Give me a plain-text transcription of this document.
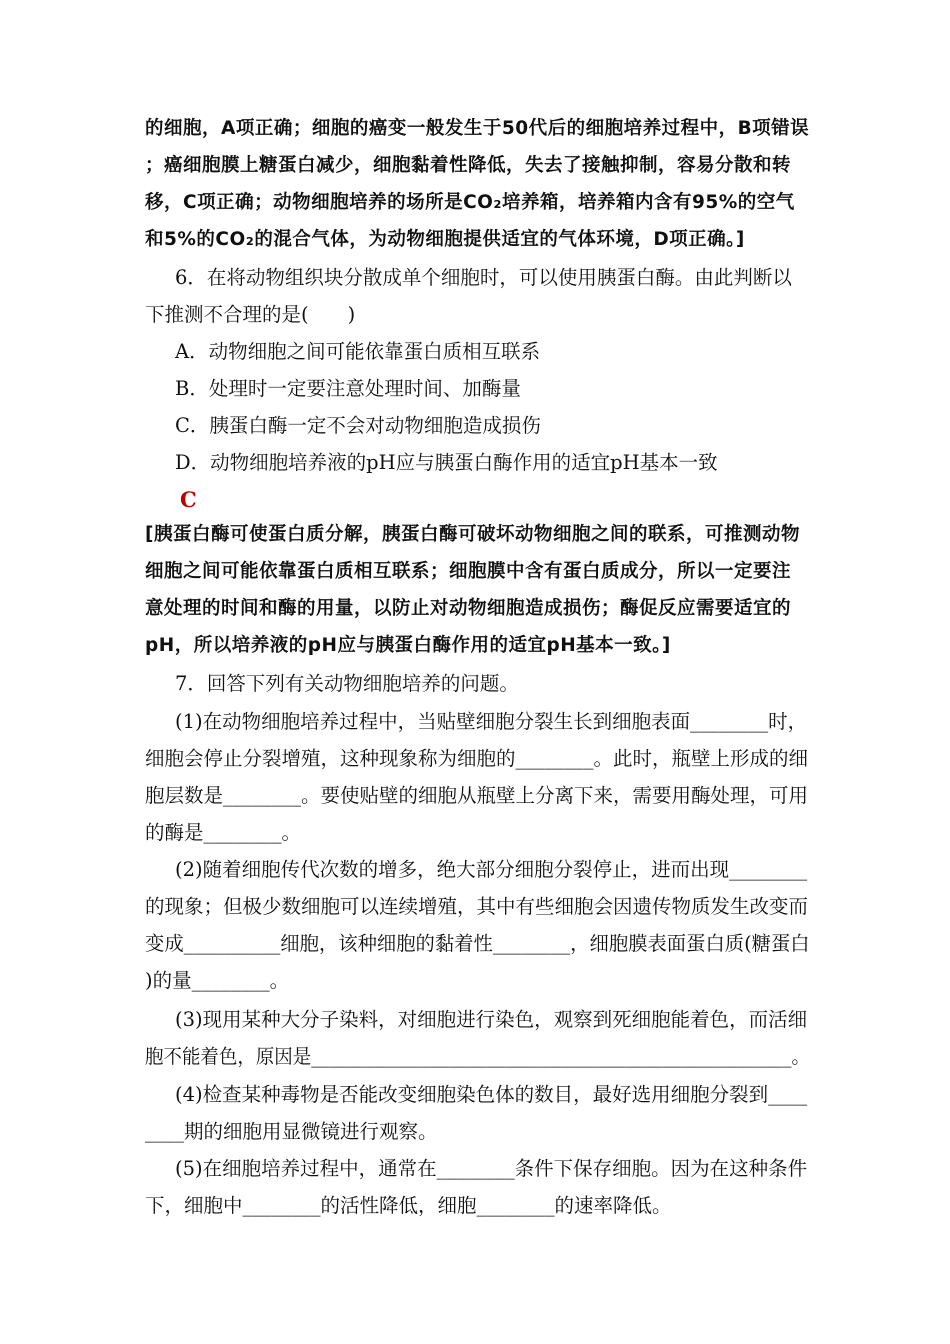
的细胞，A项正确；细胞的癌变一般发生于50代后的细胞培养过程中，B项错误
；癌细胞膜上糖蛋白减少，细胞黏着性降低，失去了接触抑制，容易分散和转
移，C项正确；动物细胞培养的场所是CO₂培养箱，培养箱内含有95%的空气
和5%的CO₂的混合气体，为动物细胞提供适宜的气体环境，D项正确。]
6．在将动物组织块分散成单个细胞时，可以使用胰蛋白酶。由此判断以
下推测不合理的是(　　)
A．动物细胞之间可能依靠蛋白质相互联系
B．处理时一定要注意处理时间、加酶量
C．胰蛋白酶一定不会对动物细胞造成损伤
D．动物细胞培养液的pH应与胰蛋白酶作用的适宜pH基本一致
C
[胰蛋白酶可使蛋白质分解，胰蛋白酶可破坏动物细胞之间的联系，可推测动物
细胞之间可能依靠蛋白质相互联系；细胞膜中含有蛋白质成分，所以一定要注
意处理的时间和酶的用量，以防止对动物细胞造成损伤；酶促反应需要适宜的
pH，所以培养液的pH应与胰蛋白酶作用的适宜pH基本一致。]
7．回答下列有关动物细胞培养的问题。
(1)在动物细胞培养过程中，当贴壁细胞分裂生长到细胞表面________时，
细胞会停止分裂增殖，这种现象称为细胞的________。此时，瓶壁上形成的细
胞层数是________。要使贴壁的细胞从瓶壁上分离下来，需要用酶处理，可用
的酶是________。
(2)随着细胞传代次数的增多，绝大部分细胞分裂停止，进而出现________
的现象；但极少数细胞可以连续增殖，其中有些细胞会因遗传物质发生改变而
变成__________细胞，该种细胞的黏着性________，细胞膜表面蛋白质(糖蛋白
)的量________。
(3)现用某种大分子染料，对细胞进行染色，观察到死细胞能着色，而活细
胞不能着色，原因是____________________________________________________。
(4)检查某种毒物是否能改变细胞染色体的数目，最好选用细胞分裂到____
____期的细胞用显微镜进行观察。
(5)在细胞培养过程中，通常在________条件下保存细胞。因为在这种条件
下，细胞中________的活性降低，细胞________的速率降低。
